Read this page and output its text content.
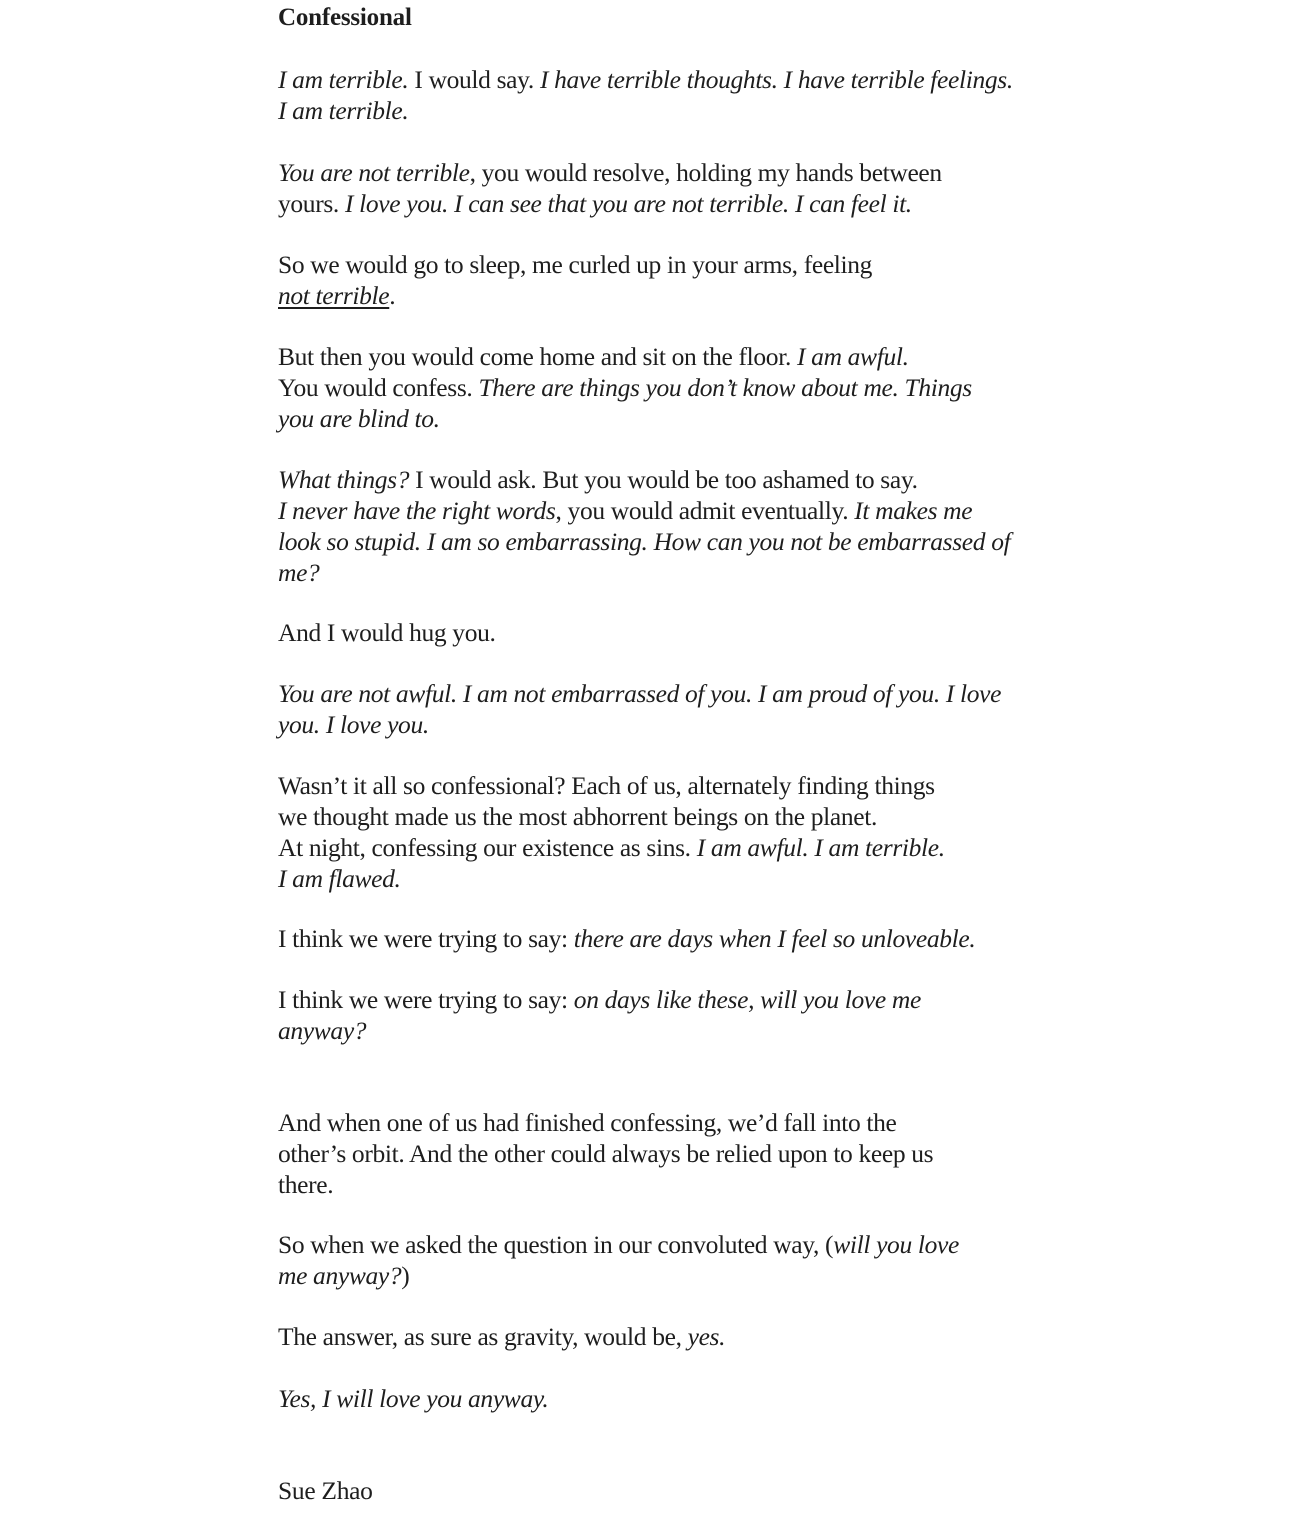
Confessional

I am terrible. I would say. I have terrible thoughts. I have terrible feelings.
I am terrible.

You are not terrible, you would resolve, holding my hands between
yours. I love you. I can see that you are not terrible. I can feel it.

So we would go to sleep, me curled up in your arms, feeling
not terrible.

But then you would come home and sit on the floor. I am awful.
You would confess. There are things you don’t know about me. Things
you are blind to.

What things? I would ask. But you would be too ashamed to say.
I never have the right words, you would admit eventually. It makes me
look so stupid. I am so embarrassing. How can you not be embarrassed of
me?

And I would hug you.

You are not awful. I am not embarrassed of you. I am proud of you. I love
you. I love you.

Wasn’t it all so confessional? Each of us, alternately finding things
we thought made us the most abhorrent beings on the planet.
At night, confessing our existence as sins. I am awful. I am terrible.
I am flawed.

I think we were trying to say: there are days when I feel so unloveable.

I think we were trying to say: on days like these, will you love me
anyway?

And when one of us had finished confessing, we’d fall into the
other’s orbit. And the other could always be relied upon to keep us
there.

So when we asked the question in our convoluted way, (will you love
me anyway?)

The answer, as sure as gravity, would be, yes.

Yes, I will love you anyway.

Sue Zhao
